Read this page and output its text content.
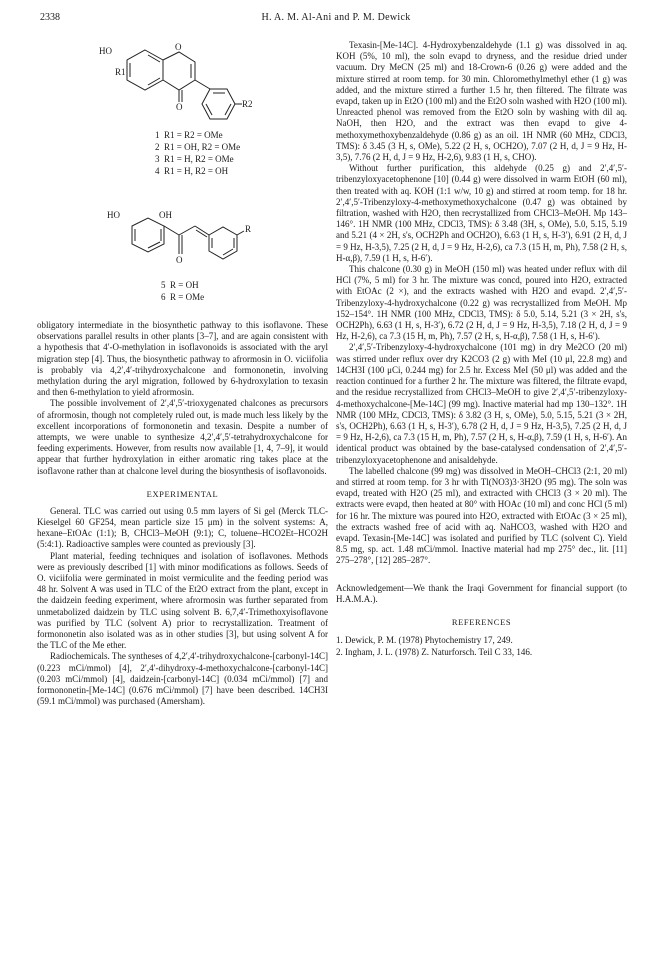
2338	H. A. M. Al-Ani and P. M. Dewick
HO
R1
O
O	R2
1  R1 = R2 = OMe
2  R1 = OH, R2 = OMe
3  R1 = H, R2 = OMe
4  R1 = H, R2 = OH
HO	OH
R
O
5  R = OH
6  R = OMe

obligatory intermediate in the biosynthetic pathway to this isoflavone. These observations parallel results in other plants [3–7], and are again consistent with a hypothesis that 4′-O-methylation in isoflavonoids is associated with the aryl migration step [4]. Thus, the biosynthetic pathway to afrormosin in O. viciifolia is probably via 4,2′,4′-trihydroxychalcone and formononetin, involving methylation during the aryl migration, followed by 6-hydroxylation to texasin and then 6-methylation to yield afrormosin.

The possible involvement of 2′,4′,5′-trioxygenated chalcones as precursors of afrormosin, though not completely ruled out, is made much less likely by the excellent incorporations of formononetin and texasin. Despite a number of attempts, we were unable to synthesize 4,2′,4′,5′-tetrahydroxychalcone for feeding experiments. However, from results now available [1, 4, 7–9], it would appear that further hydroxylation in either aromatic ring takes place at the isoflavone rather than at chalcone level during the biosynthesis of isoflavonoids.

EXPERIMENTAL

General. TLC was carried out using 0.5 mm layers of Si gel (Merck TLC-Kieselgel 60 GF254, mean particle size 15 μm) in the solvent systems: A, hexane–EtOAc (1:1); B, CHCl3–MeOH (9:1); C, toluene–HCO2Et–HCO2H (5:4:1). Radioactive samples were counted as previously [3].

Plant material, feeding techniques and isolation of isoflavones. Methods were as previously described [1] with minor modifications as follows. Seeds of O. viciifolia were germinated in moist vermiculite and the feeding period was 48 hr. Solvent A was used in TLC of the Et2O extract from the plant, except in the daidzein feeding experiment, where afrormosin was further separated from unmetabolized daidzein by TLC using solvent B. 6,7,4′-Trimethoxyisoflavone was purified by TLC (solvent A) prior to recrystallization. Treatment of formononetin also isolated was as in other studies [3], but using solvent A for the TLC of the Me ether.

Radiochemicals. The syntheses of 4,2′,4′-trihydroxychalcone-[carbonyl-14C] (0.223 mCi/mmol) [4], 2′,4′-dihydroxy-4-methoxychalcone-[carbonyl-14C] (0.203 mCi/mmol) [4], daidzein-[carbonyl-14C] (0.034 mCi/mmol) [7] and formononetin-[Me-14C] (0.676 mCi/mmol) [7] have been described. 14CH3I (59.1 mCi/mmol) was purchased (Amersham).

Texasin-[Me-14C]. 4-Hydroxybenzaldehyde (1.1 g) was dissolved in aq. KOH (5%, 10 ml), the soln evapd to dryness, and the residue dried under vacuum. Dry MeCN (25 ml) and 18-Crown-6 (0.26 g) were added and the mixture stirred at room temp. for 30 min. Chloromethylmethyl ether (1 g) was added, and the mixture stirred a further 1.5 hr, then filtered. The filtrate was evapd, taken up in Et2O (100 ml) and the Et2O soln washed with H2O (100 ml). Unreacted phenol was removed from the Et2O soln by washing with dil aq. NaOH, then H2O, and the extract was then evapd to give 4-methoxymethoxybenzaldehyde (0.86 g) as an oil. 1H NMR (60 MHz, CDCl3, TMS): δ 3.45 (3 H, s, OMe), 5.22 (2 H, s, OCH2O), 7.07 (2 H, d, J = 9 Hz, H-3,5), 7.76 (2 H, d, J = 9 Hz, H-2,6), 9.83 (1 H, s, CHO).

Without further purification, this aldehyde (0.25 g) and 2′,4′,5′-tribenzyloxyacetophenone [10] (0.44 g) were dissolved in warm EtOH (60 ml), then treated with aq. KOH (1:1 w/w, 10 g) and stirred at room temp. for 18 hr. 2′,4′,5′-Tribenzyloxy-4-methoxymethoxychalcone (0.47 g) was obtained by filtration, washed with H2O, then recrystallized from CHCl3–MeOH. Mp 143–146°. 1H NMR (100 MHz, CDCl3, TMS): δ 3.48 (3H, s, OMe), 5.0, 5.15, 5.19 and 5.21 (4 × 2H, s's, OCH2Ph and OCH2O), 6.63 (1 H, s, H-3′), 6.91 (2 H, d, J = 9 Hz, H-3,5), 7.25 (2 H, d, J = 9 Hz, H-2,6), ca 7.3 (15 H, m, Ph), 7.58 (2 H, s, H-α,β), 7.59 (1 H, s, H-6′).

This chalcone (0.30 g) in MeOH (150 ml) was heated under reflux with dil HCl (7%, 5 ml) for 3 hr. The mixture was concd, poured into H2O, extracted with EtOAc (2 ×), and the extracts washed with H2O and evapd. 2′,4′,5′-Tribenzyloxy-4-hydroxychalcone (0.22 g) was recrystallized from MeOH. Mp 152–154°. 1H NMR (100 MHz, CDCl3, TMS): δ 5.0, 5.14, 5.21 (3 × 2H, s's, OCH2Ph), 6.63 (1 H, s, H-3′), 6.72 (2 H, d, J = 9 Hz, H-3,5), 7.18 (2 H, d, J = 9 Hz, H-2,6), ca 7.3 (15 H, m, Ph), 7.57 (2 H, s, H-α,β), 7.58 (1 H, s, H-6′).

2′,4′,5′-Tribenzyloxy-4-hydroxychalcone (101 mg) in dry Me2CO (20 ml) was stirred under reflux over dry K2CO3 (2 g) with MeI (10 μl, 22.8 mg) and 14CH3I (100 μCi, 0.244 mg) for 2.5 hr. Excess MeI (50 μl) was added and the reaction continued for a further 2 hr. The mixture was filtered, the filtrate evapd, and the residue recrystallized from CHCl3–MeOH to give 2′,4′,5′-tribenzyloxy-4-methoxychalcone-[Me-14C] (99 mg). Inactive material had mp 130–132°. 1H NMR (100 MHz, CDCl3, TMS): δ 3.82 (3 H, s, OMe), 5.0, 5.15, 5.21 (3 × 2H, s's, OCH2Ph), 6.63 (1 H, s, H-3′), 6.78 (2 H, d, J = 9 Hz, H-3,5), 7.25 (2 H, d, J = 9 Hz, H-2,6), ca 7.3 (15 H, m, Ph), 7.57 (2 H, s, H-α,β), 7.59 (1 H, s, H-6′). An identical product was obtained by the base-catalysed condensation of 2′,4′,5′-tribenzyloxyacetophenone and anisaldehyde.

The labelled chalcone (99 mg) was dissolved in MeOH–CHCl3 (2:1, 20 ml) and stirred at room temp. for 3 hr with Tl(NO3)3·3H2O (95 mg). The soln was evapd, treated with H2O (25 ml), and extracted with CHCl3 (3 × 20 ml). The extracts were evapd, then heated at 80° with HOAc (10 ml) and conc HCl (5 ml) for 16 hr. The mixture was poured into H2O, extracted with EtOAc (3 × 25 ml), the extracts washed free of acid with aq. NaHCO3, washed with H2O and evapd. Texasin-[Me-14C] was isolated and purified by TLC (solvent C). Yield 8.5 mg, sp. act. 1.48 mCi/mmol. Inactive material had mp 275° dec., lit. [11] 275–278°, [12] 285–287°.

Acknowledgement—We thank the Iraqi Government for financial support (to H.A.M.A.).

REFERENCES
1. Dewick, P. M. (1978) Phytochemistry 17, 249.
2. Ingham, J. L. (1978) Z. Naturforsch. Teil C 33, 146.
